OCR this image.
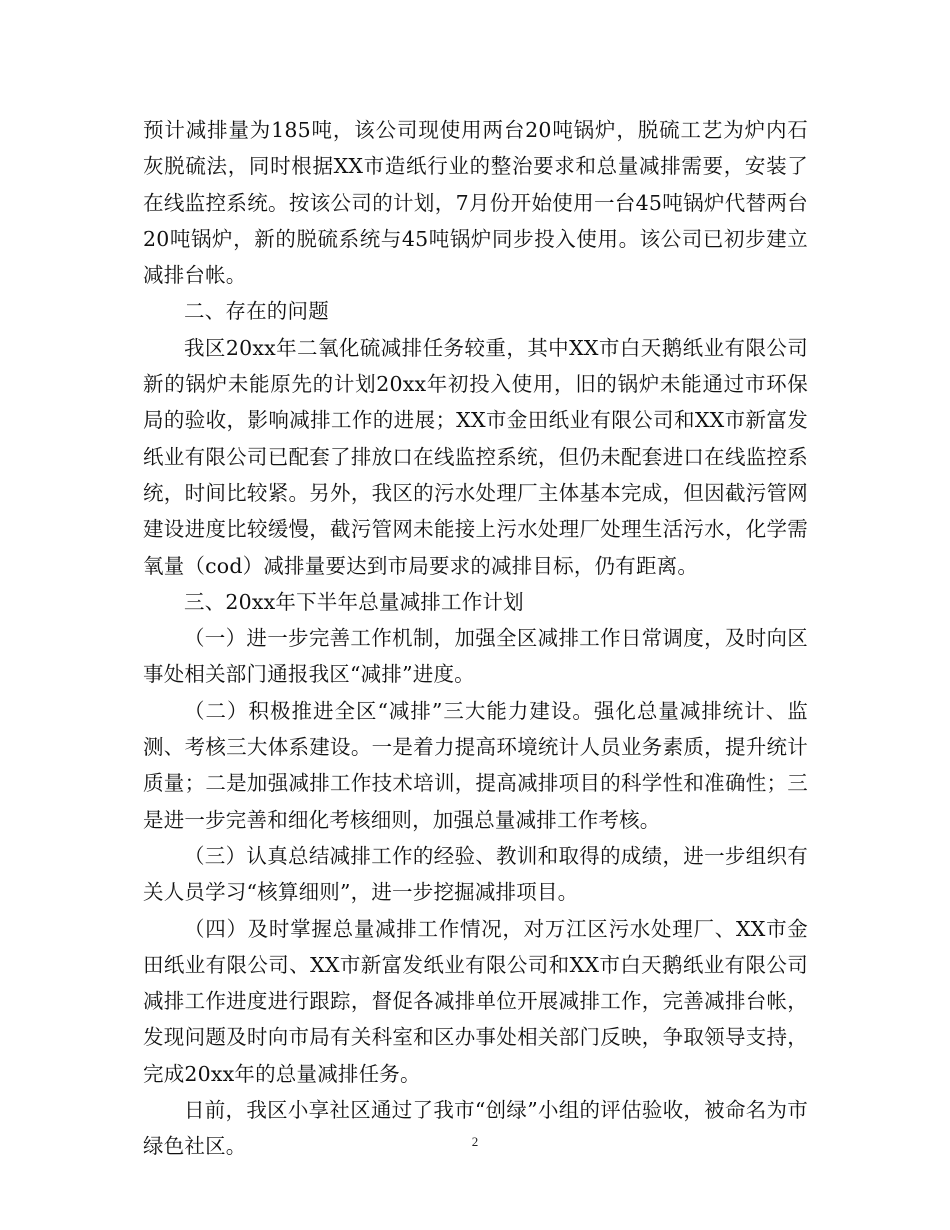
预计减排量为185吨，该公司现使用两台20吨锅炉，脱硫工艺为炉内石灰脱硫法，同时根据XX市造纸行业的整治要求和总量减排需要，安装了在线监控系统。按该公司的计划，7月份开始使用一台45吨锅炉代替两台20吨锅炉，新的脱硫系统与45吨锅炉同步投入使用。该公司已初步建立减排台帐。

二、存在的问题

我区20xx年二氧化硫减排任务较重，其中XX市白天鹅纸业有限公司新的锅炉未能原先的计划20xx年初投入使用，旧的锅炉未能通过市环保局的验收，影响减排工作的进展；XX市金田纸业有限公司和XX市新富发纸业有限公司已配套了排放口在线监控系统，但仍未配套进口在线监控系统，时间比较紧。另外，我区的污水处理厂主体基本完成，但因截污管网建设进度比较缓慢，截污管网未能接上污水处理厂处理生活污水，化学需氧量（cod）减排量要达到市局要求的减排目标，仍有距离。

三、20xx年下半年总量减排工作计划

（一）进一步完善工作机制，加强全区减排工作日常调度，及时向区事处相关部门通报我区“减排”进度。

（二）积极推进全区“减排”三大能力建设。强化总量减排统计、监测、考核三大体系建设。一是着力提高环境统计人员业务素质，提升统计质量；二是加强减排工作技术培训，提高减排项目的科学性和准确性；三是进一步完善和细化考核细则，加强总量减排工作考核。

（三）认真总结减排工作的经验、教训和取得的成绩，进一步组织有关人员学习“核算细则”，进一步挖掘减排项目。

（四）及时掌握总量减排工作情况，对万江区污水处理厂、XX市金田纸业有限公司、XX市新富发纸业有限公司和XX市白天鹅纸业有限公司减排工作进度进行跟踪，督促各减排单位开展减排工作，完善减排台帐，发现问题及时向市局有关科室和区办事处相关部门反映，争取领导支持，完成20xx年的总量减排任务。

日前，我区小享社区通过了我市“创绿”小组的评估验收，被命名为市绿色社区。	2
